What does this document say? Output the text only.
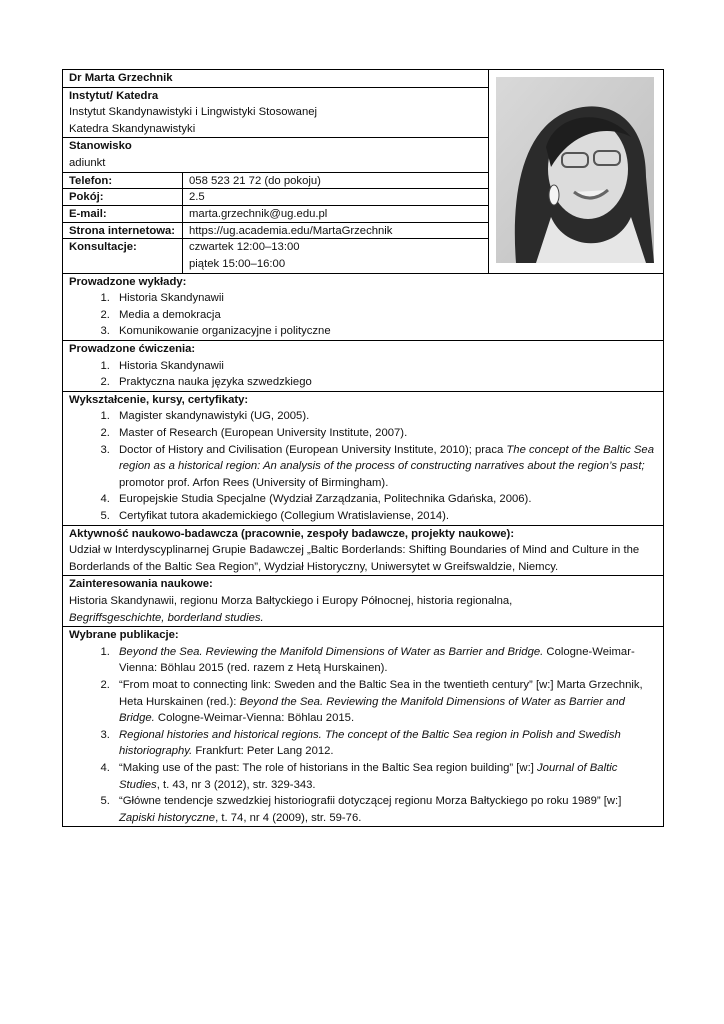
Dr Marta Grzechnik
Instytut/ Katedra
Instytut Skandynawistyki i Lingwistyki Stosowanej
Katedra Skandynawistyki
Stanowisko
adiunkt
Telefon:	058 523 21 72 (do pokoju)
Pokój:	2.5
E-mail:	marta.grzechnik@ug.edu.pl
Strona internetowa:	https://ug.academia.edu/MartaGrzechnik
Konsultacje:	czwartek 12:00–13:00
piątek 15:00–16:00
Prowadzone wykłady:
1. Historia Skandynawii
2. Media a demokracja
3. Komunikowanie organizacyjne i polityczne
Prowadzone ćwiczenia:
1. Historia Skandynawii
2. Praktyczna nauka języka szwedzkiego
Wykształcenie, kursy, certyfikaty:
1. Magister skandynawistyki (UG, 2005).
2. Master of Research (European University Institute, 2007).
3. Doctor of History and Civilisation (European University Institute, 2010); praca The concept of the Baltic Sea region as a historical region: An analysis of the process of constructing narratives about the region’s past; promotor prof. Arfon Rees (University of Birmingham).
4. Europejskie Studia Specjalne (Wydział Zarządzania, Politechnika Gdańska, 2006).
5. Certyfikat tutora akademickiego (Collegium Wratislaviense, 2014).
Aktywność naukowo-badawcza (pracownie, zespoły badawcze, projekty naukowe):
Udział w Interdyscyplinarnej Grupie Badawczej „Baltic Borderlands: Shifting Boundaries of Mind and Culture in the Borderlands of the Baltic Sea Region”, Wydział Historyczny, Uniwersytet w Greifswaldzie, Niemcy.
Zainteresowania naukowe:
Historia Skandynawii, regionu Morza Bałtyckiego i Europy Północnej, historia regionalna,
Begriffsgeschichte, borderland studies.
Wybrane publikacje:
1. Beyond the Sea. Reviewing the Manifold Dimensions of Water as Barrier and Bridge. Cologne-Weimar-Vienna: Böhlau 2015 (red. razem z Hetą Hurskainen).
2. “From moat to connecting link: Sweden and the Baltic Sea in the twentieth century” [w:] Marta Grzechnik, Heta Hurskainen (red.): Beyond the Sea. Reviewing the Manifold Dimensions of Water as Barrier and Bridge. Cologne-Weimar-Vienna: Böhlau 2015.
3. Regional histories and historical regions. The concept of the Baltic Sea region in Polish and Swedish historiography. Frankfurt: Peter Lang 2012.
4. “Making use of the past: The role of historians in the Baltic Sea region building” [w:] Journal of Baltic Studies, t. 43, nr 3 (2012), str. 329-343.
5. “Główne tendencje szwedzkiej historiografii dotyczącej regionu Morza Bałtyckiego po roku 1989” [w:] Zapiski historyczne, t. 74, nr 4 (2009), str. 59-76.
